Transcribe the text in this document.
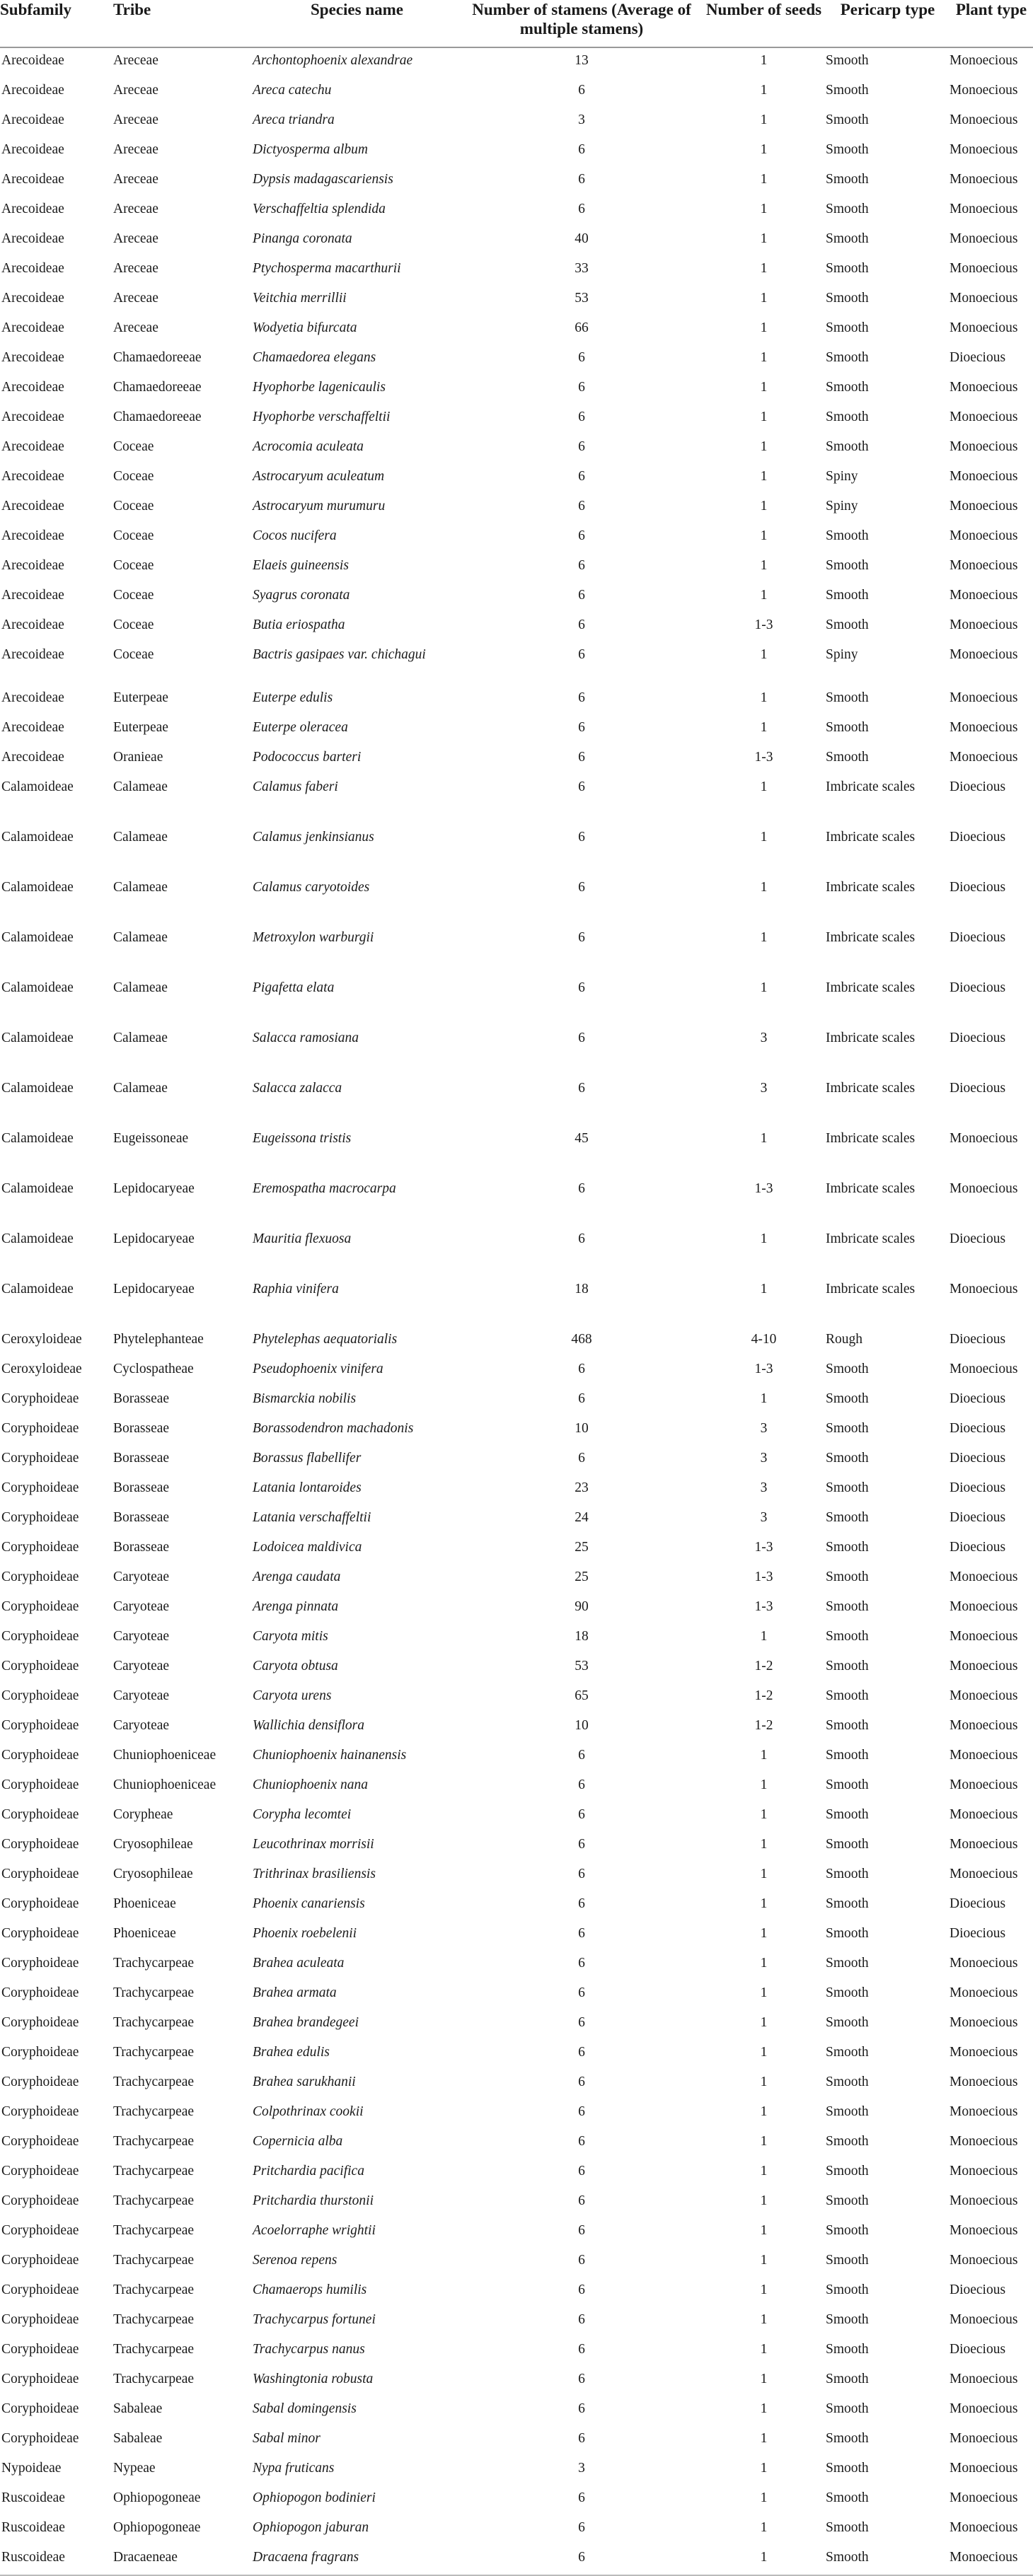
Subfamily	Tribe	Species name	Number of stamens (Average of multiple stamens)	Number of seeds	Pericarp type	Plant type
Arecoideae	Areceae	Archontophoenix alexandrae	13	1	Smooth	Monoecious
Arecoideae	Areceae	Areca catechu	6	1	Smooth	Monoecious
Arecoideae	Areceae	Areca triandra	3	1	Smooth	Monoecious
Arecoideae	Areceae	Dictyosperma album	6	1	Smooth	Monoecious
Arecoideae	Areceae	Dypsis madagascariensis	6	1	Smooth	Monoecious
Arecoideae	Areceae	Verschaffeltia splendida	6	1	Smooth	Monoecious
Arecoideae	Areceae	Pinanga coronata	40	1	Smooth	Monoecious
Arecoideae	Areceae	Ptychosperma macarthurii	33	1	Smooth	Monoecious
Arecoideae	Areceae	Veitchia merrillii	53	1	Smooth	Monoecious
Arecoideae	Areceae	Wodyetia bifurcata	66	1	Smooth	Monoecious
Arecoideae	Chamaedoreeae	Chamaedorea elegans	6	1	Smooth	Dioecious
Arecoideae	Chamaedoreeae	Hyophorbe lagenicaulis	6	1	Smooth	Monoecious
Arecoideae	Chamaedoreeae	Hyophorbe verschaffeltii	6	1	Smooth	Monoecious
Arecoideae	Coceae	Acrocomia aculeata	6	1	Smooth	Monoecious
Arecoideae	Coceae	Astrocaryum aculeatum	6	1	Spiny	Monoecious
Arecoideae	Coceae	Astrocaryum murumuru	6	1	Spiny	Monoecious
Arecoideae	Coceae	Cocos nucifera	6	1	Smooth	Monoecious
Arecoideae	Coceae	Elaeis guineensis	6	1	Smooth	Monoecious
Arecoideae	Coceae	Syagrus coronata	6	1	Smooth	Monoecious
Arecoideae	Coceae	Butia eriospatha	6	1-3	Smooth	Monoecious
Arecoideae	Coceae	Bactris gasipaes var. chichagui	6	1	Spiny	Monoecious
Arecoideae	Euterpeae	Euterpe edulis	6	1	Smooth	Monoecious
Arecoideae	Euterpeae	Euterpe oleracea	6	1	Smooth	Monoecious
Arecoideae	Oranieae	Podococcus barteri	6	1-3	Smooth	Monoecious
Calamoideae	Calameae	Calamus faberi	6	1	Imbricate scales	Dioecious
Calamoideae	Calameae	Calamus jenkinsianus	6	1	Imbricate scales	Dioecious
Calamoideae	Calameae	Calamus caryotoides	6	1	Imbricate scales	Dioecious
Calamoideae	Calameae	Metroxylon warburgii	6	1	Imbricate scales	Dioecious
Calamoideae	Calameae	Pigafetta elata	6	1	Imbricate scales	Dioecious
Calamoideae	Calameae	Salacca ramosiana	6	3	Imbricate scales	Dioecious
Calamoideae	Calameae	Salacca zalacca	6	3	Imbricate scales	Dioecious
Calamoideae	Eugeissoneae	Eugeissona tristis	45	1	Imbricate scales	Monoecious
Calamoideae	Lepidocaryeae	Eremospatha macrocarpa	6	1-3	Imbricate scales	Monoecious
Calamoideae	Lepidocaryeae	Mauritia flexuosa	6	1	Imbricate scales	Dioecious
Calamoideae	Lepidocaryeae	Raphia vinifera	18	1	Imbricate scales	Monoecious
Ceroxyloideae	Phytelephanteae	Phytelephas aequatorialis	468	4-10	Rough	Dioecious
Ceroxyloideae	Cyclospatheae	Pseudophoenix vinifera	6	1-3	Smooth	Monoecious
Coryphoideae	Borasseae	Bismarckia nobilis	6	1	Smooth	Dioecious
Coryphoideae	Borasseae	Borassodendron machadonis	10	3	Smooth	Dioecious
Coryphoideae	Borasseae	Borassus flabellifer	6	3	Smooth	Dioecious
Coryphoideae	Borasseae	Latania lontaroides	23	3	Smooth	Dioecious
Coryphoideae	Borasseae	Latania verschaffeltii	24	3	Smooth	Dioecious
Coryphoideae	Borasseae	Lodoicea maldivica	25	1-3	Smooth	Dioecious
Coryphoideae	Caryoteae	Arenga caudata	25	1-3	Smooth	Monoecious
Coryphoideae	Caryoteae	Arenga pinnata	90	1-3	Smooth	Monoecious
Coryphoideae	Caryoteae	Caryota mitis	18	1	Smooth	Monoecious
Coryphoideae	Caryoteae	Caryota obtusa	53	1-2	Smooth	Monoecious
Coryphoideae	Caryoteae	Caryota urens	65	1-2	Smooth	Monoecious
Coryphoideae	Caryoteae	Wallichia densiflora	10	1-2	Smooth	Monoecious
Coryphoideae	Chuniophoeniceae	Chuniophoenix hainanensis	6	1	Smooth	Monoecious
Coryphoideae	Chuniophoeniceae	Chuniophoenix nana	6	1	Smooth	Monoecious
Coryphoideae	Corypheae	Corypha lecomtei	6	1	Smooth	Monoecious
Coryphoideae	Cryosophileae	Leucothrinax morrisii	6	1	Smooth	Monoecious
Coryphoideae	Cryosophileae	Trithrinax brasiliensis	6	1	Smooth	Monoecious
Coryphoideae	Phoeniceae	Phoenix canariensis	6	1	Smooth	Dioecious
Coryphoideae	Phoeniceae	Phoenix roebelenii	6	1	Smooth	Dioecious
Coryphoideae	Trachycarpeae	Brahea aculeata	6	1	Smooth	Monoecious
Coryphoideae	Trachycarpeae	Brahea armata	6	1	Smooth	Monoecious
Coryphoideae	Trachycarpeae	Brahea brandegeei	6	1	Smooth	Monoecious
Coryphoideae	Trachycarpeae	Brahea edulis	6	1	Smooth	Monoecious
Coryphoideae	Trachycarpeae	Brahea sarukhanii	6	1	Smooth	Monoecious
Coryphoideae	Trachycarpeae	Colpothrinax cookii	6	1	Smooth	Monoecious
Coryphoideae	Trachycarpeae	Copernicia alba	6	1	Smooth	Monoecious
Coryphoideae	Trachycarpeae	Pritchardia pacifica	6	1	Smooth	Monoecious
Coryphoideae	Trachycarpeae	Pritchardia thurstonii	6	1	Smooth	Monoecious
Coryphoideae	Trachycarpeae	Acoelorraphe wrightii	6	1	Smooth	Monoecious
Coryphoideae	Trachycarpeae	Serenoa repens	6	1	Smooth	Monoecious
Coryphoideae	Trachycarpeae	Chamaerops humilis	6	1	Smooth	Dioecious
Coryphoideae	Trachycarpeae	Trachycarpus fortunei	6	1	Smooth	Monoecious
Coryphoideae	Trachycarpeae	Trachycarpus nanus	6	1	Smooth	Dioecious
Coryphoideae	Trachycarpeae	Washingtonia robusta	6	1	Smooth	Monoecious
Coryphoideae	Sabaleae	Sabal domingensis	6	1	Smooth	Monoecious
Coryphoideae	Sabaleae	Sabal minor	6	1	Smooth	Monoecious
Nypoideae	Nypeae	Nypa fruticans	3	1	Smooth	Monoecious
Ruscoideae	Ophiopogoneae	Ophiopogon bodinieri	6	1	Smooth	Monoecious
Ruscoideae	Ophiopogoneae	Ophiopogon jaburan	6	1	Smooth	Monoecious
Ruscoideae	Dracaeneae	Dracaena fragrans	6	1	Smooth	Monoecious
